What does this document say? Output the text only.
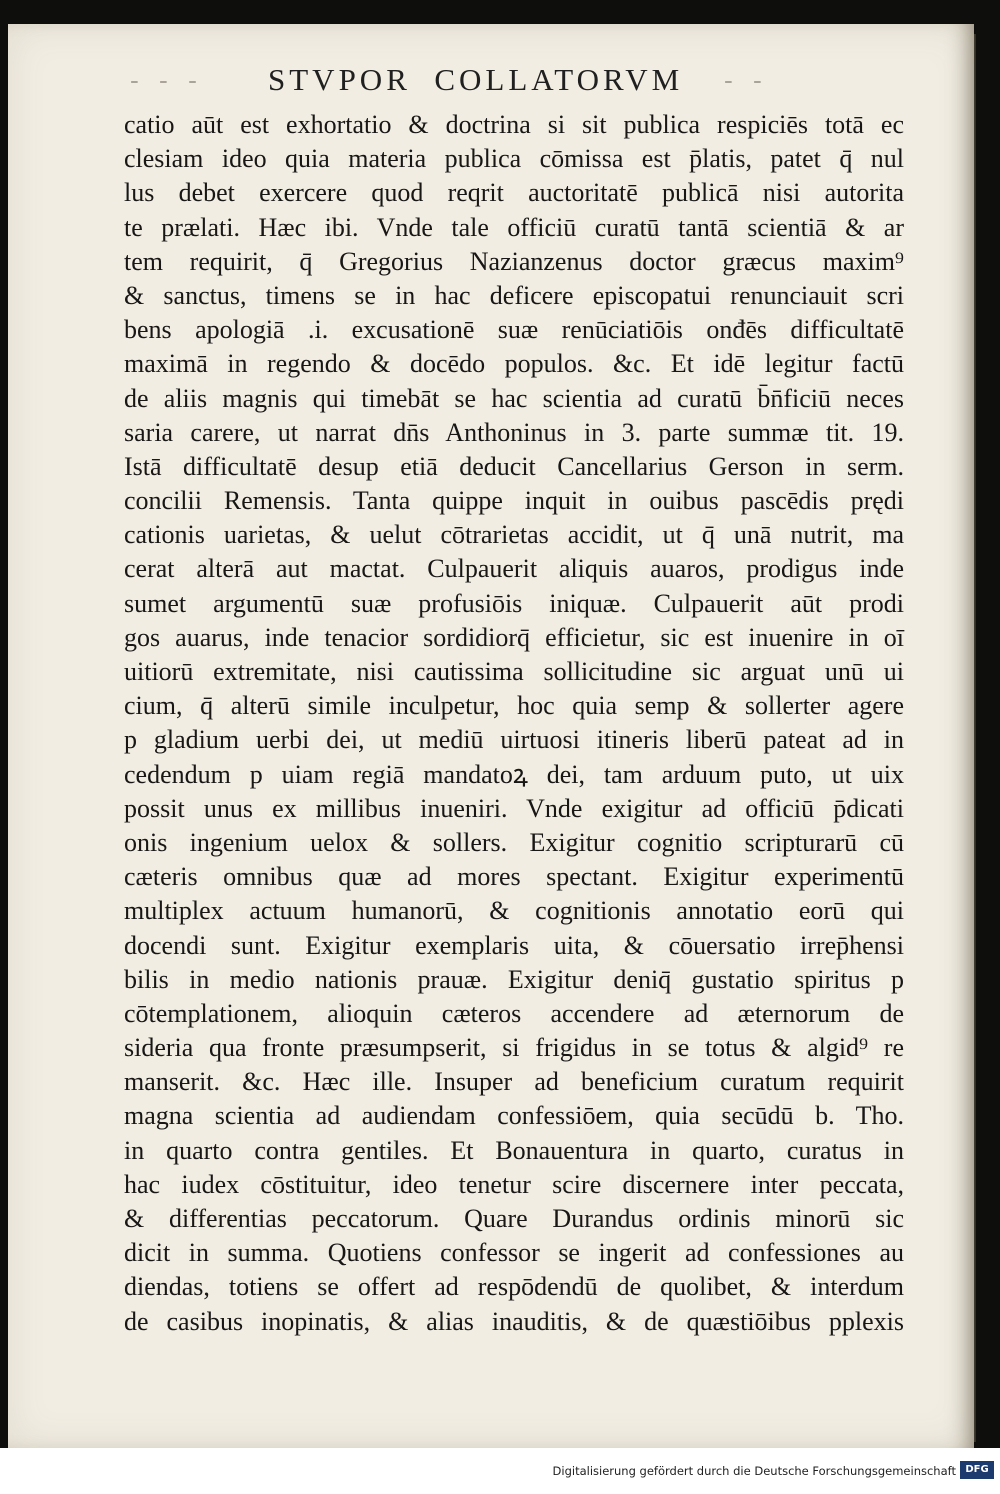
- - - STVPOR  COLLATORVM - -
catio aūt est exhortatio & doctrina si sit publica respiciēs totā ec
clesiam ideo quia materia publica cōmissa est p̄latis, patet q̄ nul
lus debet exercere quod reqrit auctoritatē publicā nisi autorita
te prælati. Hæc ibi. Vnde tale officiū curatū tantā scientiā & ar
tem requirit, q̄ Gregorius Nazianzenus doctor græcus maxim⁹
& sanctus, timens se in hac deficere episcopatui renunciauit scri
bens apologiā .i. excusationē suæ renūciatiōis onđēs difficultatē
maximā in regendo & docēdo populos. &c. Et idē legitur factū
de aliis magnis qui timebāt se hac scientia ad curatū b̄n̄ficiū neces
saria carere, ut narrat dn̄s Anthoninus in 3. parte summæ tit. 19.
Istā difficultatē desup etiā deducit Cancellarius Gerson in serm.
concilii Remensis. Tanta quippe inquit in ouibus pascēdis prędi
cationis uarietas, & uelut cōtrarietas accidit, ut q̄ unā nutrit, ma
cerat alterā aut mactat. Culpauerit aliquis auaros, prodigus inde
sumet argumentū suæ profusiōis iniquæ. Culpauerit aūt prodi
gos auarus, inde tenacior sordidiorq̄ efficietur, sic est inuenire in oī
uitiorū extremitate, nisi cautissima sollicitudine sic arguat unū ui
cium, q̄ alterū simile inculpetur, hoc quia semp & sollerter agere
p gladium uerbi dei, ut mediū uirtuosi itineris liberū pateat ad in
cedendum p uiam regiā mandatoꝝ dei, tam arduum puto, ut uix
possit unus ex millibus inueniri. Vnde exigitur ad officiū p̄dicati
onis ingenium uelox & sollers. Exigitur cognitio scripturarū cū
cæteris omnibus quæ ad mores spectant. Exigitur experimentū
multiplex actuum humanorū, & cognitionis annotatio eorū qui
docendi sunt. Exigitur exemplaris uita, & cōuersatio irrep̄hensi
bilis in medio nationis prauæ. Exigitur deniq̄ gustatio spiritus p
cōtemplationem, alioquin cæteros accendere ad æternorum de
sideria qua fronte præsumpserit, si frigidus in se totus & algid⁹ re
manserit. &c. Hæc ille. Insuper ad beneficium curatum requirit
magna scientia ad audiendam confessiōem, quia secūdū b. Tho.
in quarto contra gentiles. Et Bonauentura in quarto, curatus in
hac iudex cōstituitur, ideo tenetur scire discernere inter peccata,
& differentias peccatorum. Quare Durandus ordinis minorū sic
dicit in summa. Quotiens confessor se ingerit ad confessiones au
diendas, totiens se offert ad respōdendū de quolibet, & interdum
de casibus inopinatis, & alias inauditis, & de quæstiōibus pplexis
Digitalisierung gefördert durch die Deutsche Forschungsgemeinschaft DFG
